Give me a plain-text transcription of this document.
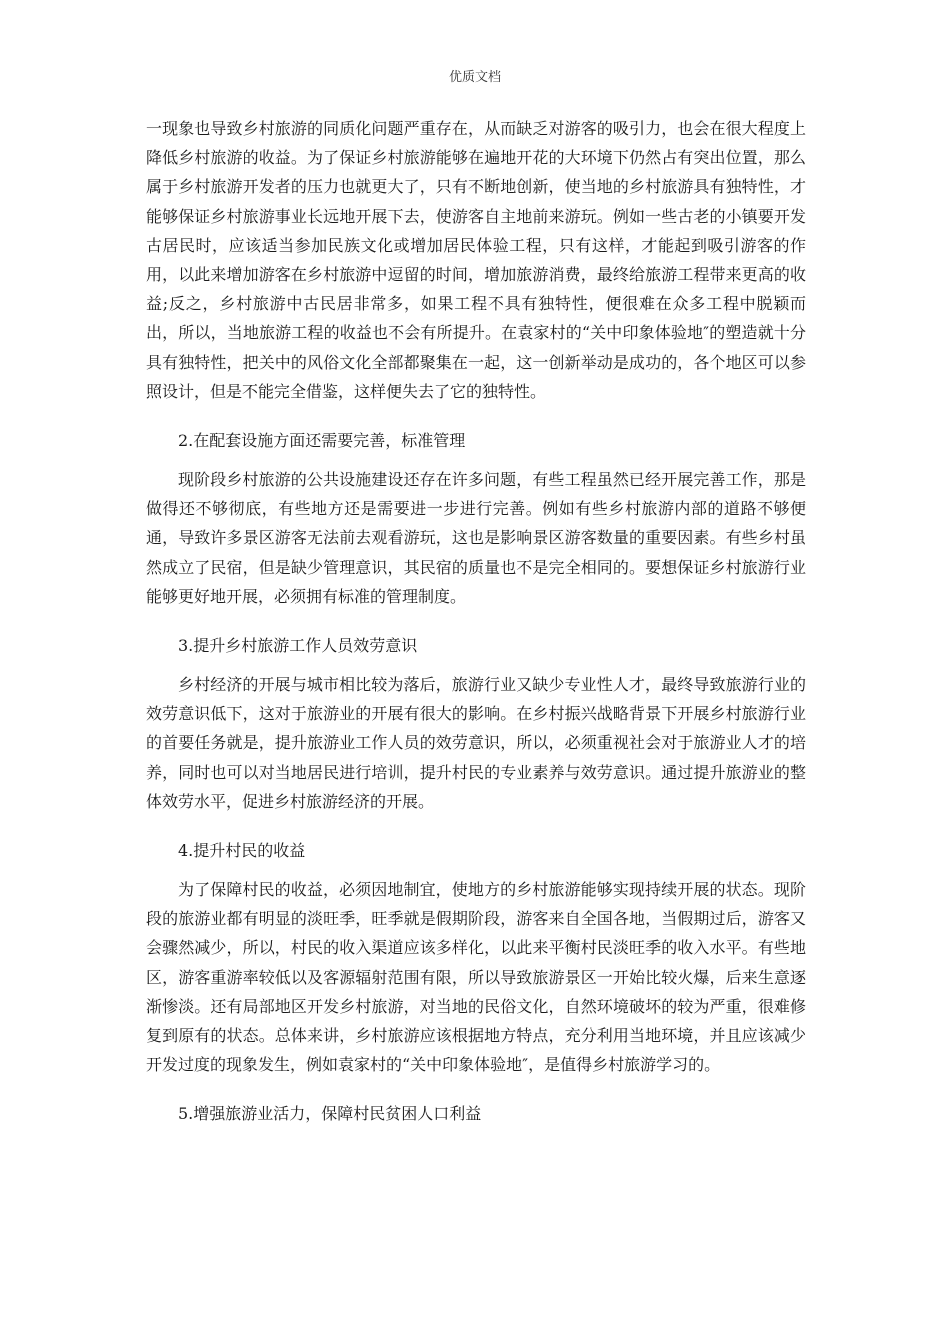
优质文档

一现象也导致乡村旅游的同质化问题严重存在，从而缺乏对游客的吸引力，也会在很大程度上降低乡村旅游的收益。为了保证乡村旅游能够在遍地开花的大环境下仍然占有突出位置，那么属于乡村旅游开发者的压力也就更大了，只有不断地创新，使当地的乡村旅游具有独特性，才能够保证乡村旅游事业长远地开展下去，使游客自主地前来游玩。例如一些古老的小镇要开发古居民时，应该适当参加民族文化或增加居民体验工程，只有这样，才能起到吸引游客的作用，以此来增加游客在乡村旅游中逗留的时间，增加旅游消费，最终给旅游工程带来更高的收益;反之，乡村旅游中古民居非常多，如果工程不具有独特性，便很难在众多工程中脱颖而出，所以，当地旅游工程的收益也不会有所提升。在袁家村的“关中印象体验地″的塑造就十分具有独特性，把关中的风俗文化全部都聚集在一起，这一创新举动是成功的，各个地区可以参照设计，但是不能完全借鉴，这样便失去了它的独特性。

2.在配套设施方面还需要完善，标准管理

现阶段乡村旅游的公共设施建设还存在许多问题，有些工程虽然已经开展完善工作，那是做得还不够彻底，有些地方还是需要进一步进行完善。例如有些乡村旅游内部的道路不够便通，导致许多景区游客无法前去观看游玩，这也是影响景区游客数量的重要因素。有些乡村虽然成立了民宿，但是缺少管理意识，其民宿的质量也不是完全相同的。要想保证乡村旅游行业能够更好地开展，必须拥有标准的管理制度。

3.提升乡村旅游工作人员效劳意识

乡村经济的开展与城市相比较为落后，旅游行业又缺少专业性人才，最终导致旅游行业的效劳意识低下，这对于旅游业的开展有很大的影响。在乡村振兴战略背景下开展乡村旅游行业的首要任务就是，提升旅游业工作人员的效劳意识，所以，必须重视社会对于旅游业人才的培养，同时也可以对当地居民进行培训，提升村民的专业素养与效劳意识。通过提升旅游业的整体效劳水平，促进乡村旅游经济的开展。

4.提升村民的收益

为了保障村民的收益，必须因地制宜，使地方的乡村旅游能够实现持续开展的状态。现阶段的旅游业都有明显的淡旺季，旺季就是假期阶段，游客来自全国各地，当假期过后，游客又会骤然减少，所以，村民的收入渠道应该多样化，以此来平衡村民淡旺季的收入水平。有些地区，游客重游率较低以及客源辐射范围有限，所以导致旅游景区一开始比较火爆，后来生意逐渐惨淡。还有局部地区开发乡村旅游，对当地的民俗文化，自然环境破坏的较为严重，很难修复到原有的状态。总体来讲，乡村旅游应该根据地方特点，充分利用当地环境，并且应该减少开发过度的现象发生，例如袁家村的“关中印象体验地″，是值得乡村旅游学习的。

5.增强旅游业活力，保障村民贫困人口利益
